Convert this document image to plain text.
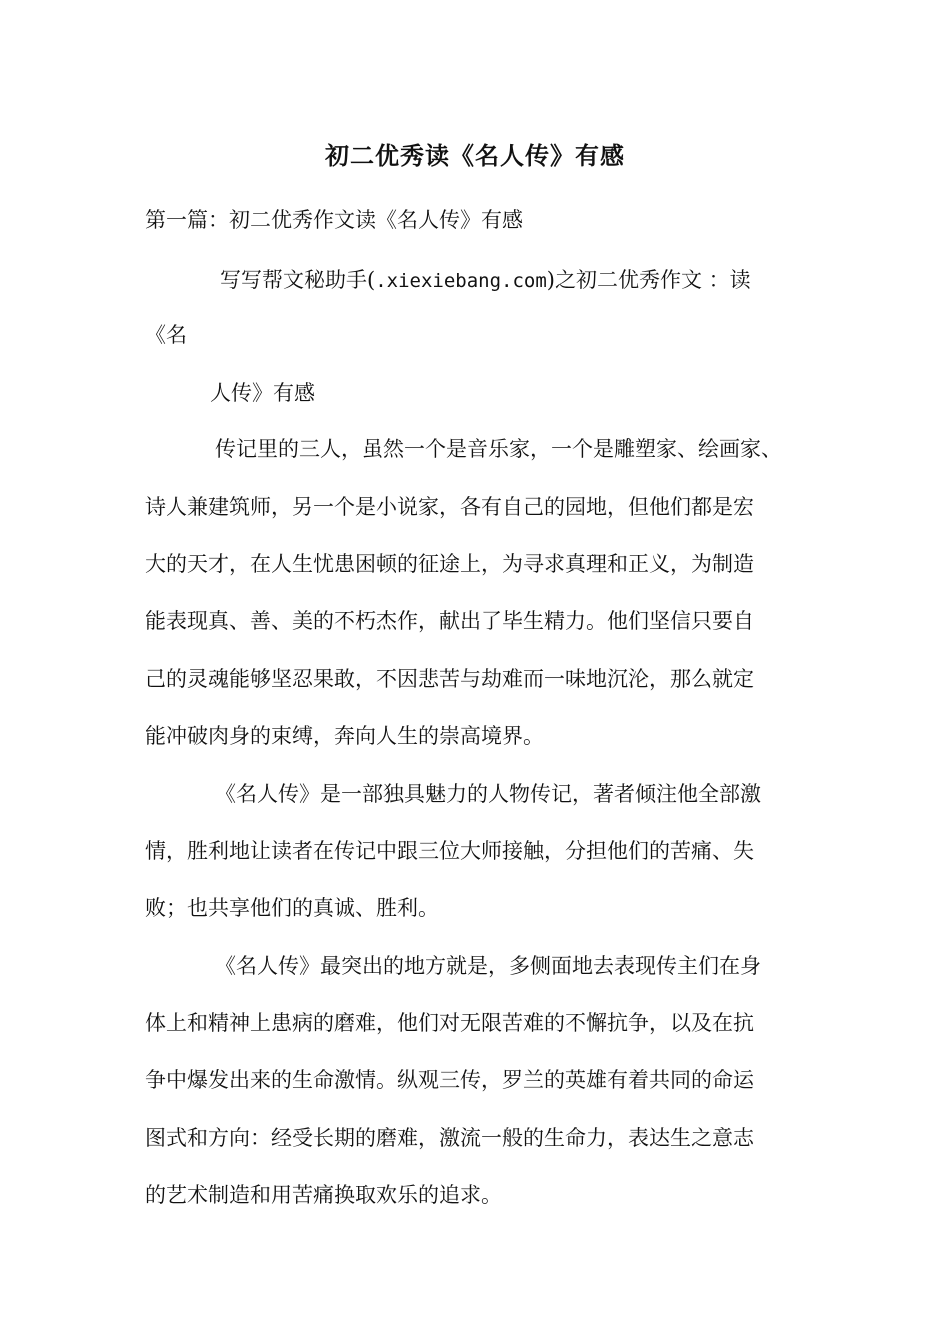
初二优秀读《名人传》有感
第一篇：初二优秀作文读《名人传》有感
写写帮文秘助手(.xiexiebang.com)之初二优秀作文 ：读
《名
人传》有感
传记里的三人，虽然一个是音乐家，一个是雕塑家、绘画家、
诗人兼建筑师，另一个是小说家，各有自己的园地，但他们都是宏
大的天才，在人生忧患困顿的征途上，为寻求真理和正义，为制造
能表现真、善、美的不朽杰作，献出了毕生精力。他们坚信只要自
己的灵魂能够坚忍果敢，不因悲苦与劫难而一味地沉沦，那么就定
能冲破肉身的束缚，奔向人生的崇高境界。
《名人传》是一部独具魅力的人物传记，著者倾注他全部激
情，胜利地让读者在传记中跟三位大师接触，分担他们的苦痛、失
败；也共享他们的真诚、胜利。
《名人传》最突出的地方就是，多侧面地去表现传主们在身
体上和精神上患病的磨难，他们对无限苦难的不懈抗争，以及在抗
争中爆发出来的生命激情。纵观三传，罗兰的英雄有着共同的命运
图式和方向：经受长期的磨难，激流一般的生命力，表达生之意志
的艺术制造和用苦痛换取欢乐的追求。
